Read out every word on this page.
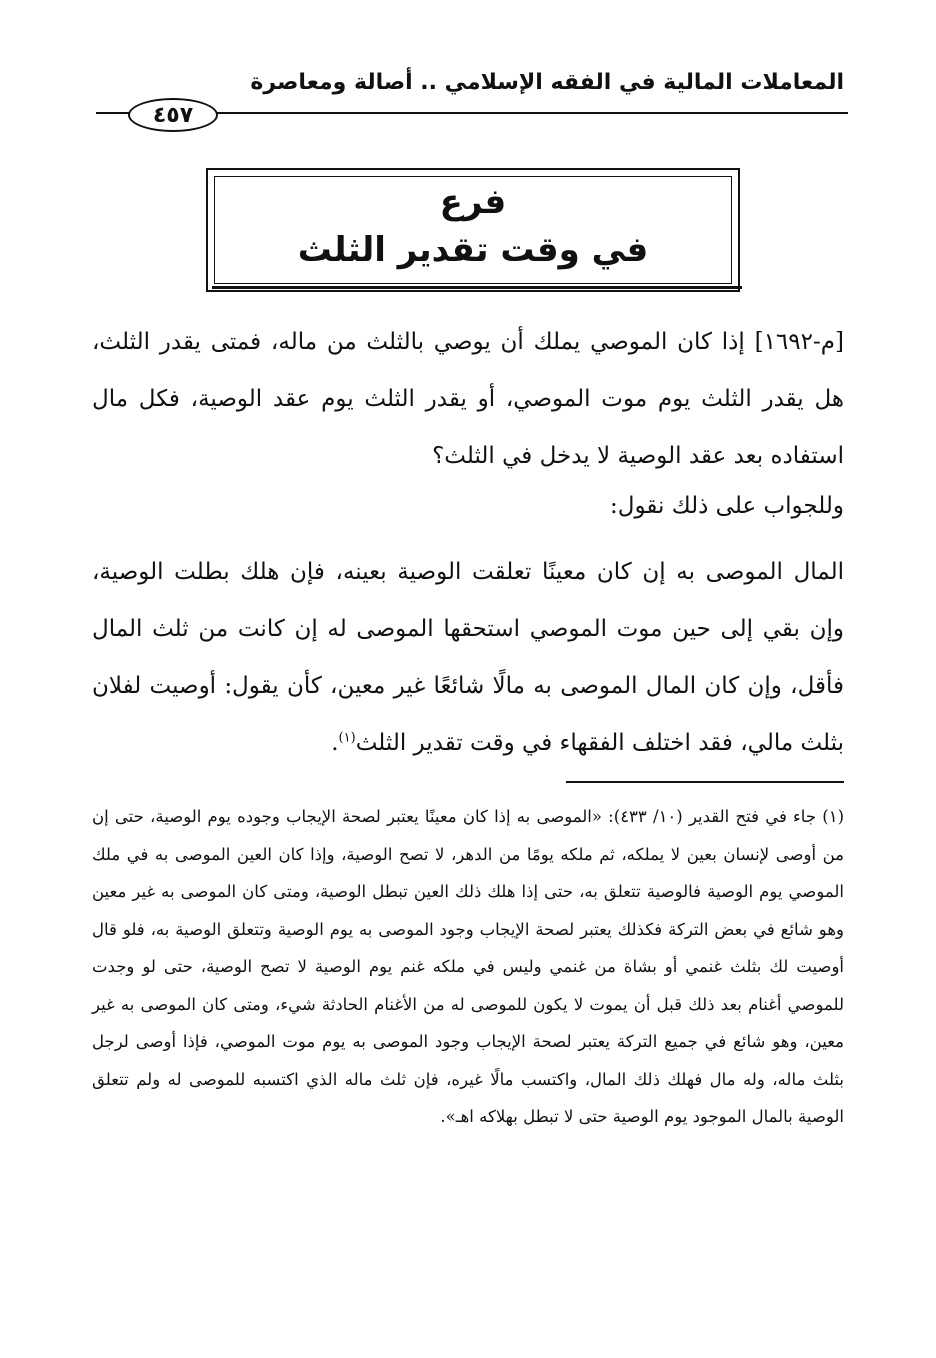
المعاملات المالية في الفقه الإسلامي .. أصالة ومعاصرة
٤٥٧
فرع
في وقت تقدير الثلث

[م-١٦٩٢] إذا كان الموصي يملك أن يوصي بالثلث من ماله، فمتى يقدر الثلث، هل يقدر الثلث يوم موت الموصي، أو يقدر الثلث يوم عقد الوصية، فكل مال استفاده بعد عقد الوصية لا يدخل في الثلث؟

وللجواب على ذلك نقول:

المال الموصى به إن كان معينًا تعلقت الوصية بعينه، فإن هلك بطلت الوصية، وإن بقي إلى حين موت الموصي استحقها الموصى له إن كانت من ثلث المال فأقل، وإن كان المال الموصى به مالًا شائعًا غير معين، كأن يقول: أوصيت لفلان بثلث مالي، فقد اختلف الفقهاء في وقت تقدير الثلث$^{(١)}$.

(١) جاء في فتح القدير (١٠/ ٤٣٣): «الموصى به إذا كان معينًا يعتبر لصحة الإيجاب وجوده يوم الوصية، حتى إن من أوصى لإنسان بعين لا يملكه، ثم ملكه يومًا من الدهر، لا تصح الوصية، وإذا كان العين الموصى به في ملك الموصي يوم الوصية فالوصية تتعلق به، حتى إذا هلك ذلك العين تبطل الوصية، ومتى كان الموصى به غير معين وهو شائع في بعض التركة فكذلك يعتبر لصحة الإيجاب وجود الموصى به يوم الوصية وتتعلق الوصية به، فلو قال أوصيت لك بثلث غنمي أو بشاة من غنمي وليس في ملكه غنم يوم الوصية لا تصح الوصية، حتى لو وجدت للموصي أغنام بعد ذلك قبل أن يموت لا يكون للموصى له من الأغنام الحادثة شيء، ومتى كان الموصى به غير معين، وهو شائع في جميع التركة يعتبر لصحة الإيجاب وجود الموصى به يوم موت الموصي، فإذا أوصى لرجل بثلث ماله، وله مال فهلك ذلك المال، واكتسب مالًا غيره، فإن ثلث ماله الذي اكتسبه للموصى له ولم تتعلق الوصية بالمال الموجود يوم الوصية حتى لا تبطل بهلاكه اهـ».
